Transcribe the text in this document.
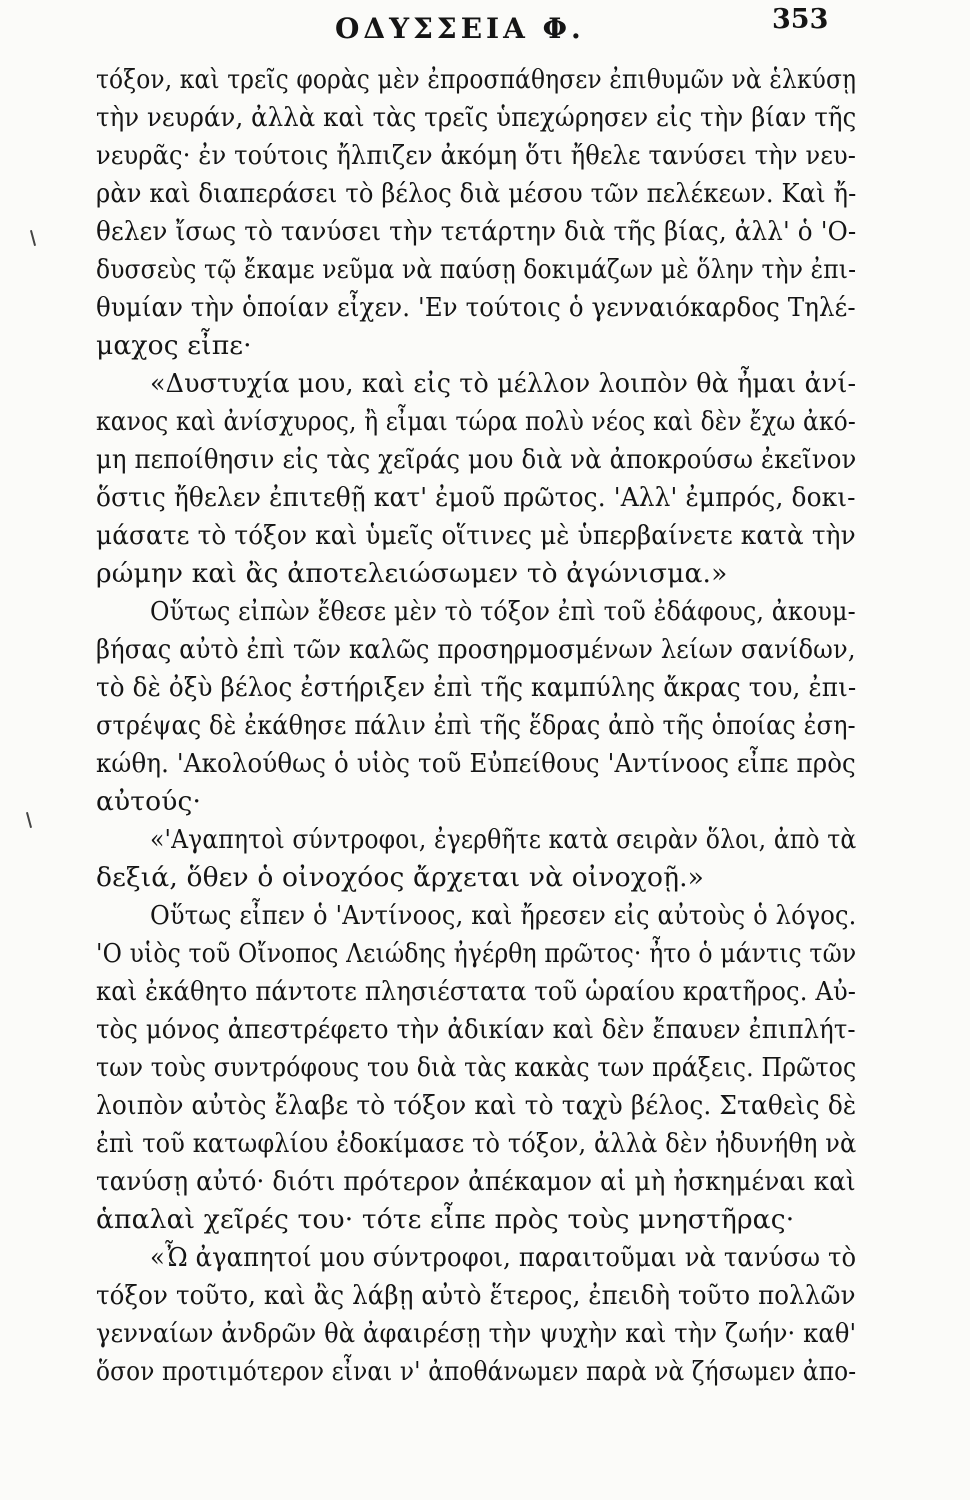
ΟΔΥΣΣΕΙΑ Φ.	353
τόξον, καὶ τρεῖς φορὰς μὲν ἐπροσπάθησεν ἐπιθυμῶν νὰ ἑλκύσῃ
τὴν νευράν, ἀλλὰ καὶ τὰς τρεῖς ὑπεχώρησεν εἰς τὴν βίαν τῆς
νευρᾶς· ἐν τούτοις ἤλπιζεν ἀκόμη ὅτι ἤθελε τανύσει τὴν νευ-
ρὰν καὶ διαπεράσει τὸ βέλος διὰ μέσου τῶν πελέκεων. Καὶ ἤ-
θελεν ἴσως τὸ τανύσει τὴν τετάρτην διὰ τῆς βίας, ἀλλ' ὁ 'Ο-
δυσσεὺς τῷ ἔκαμε νεῦμα νὰ παύσῃ δοκιμάζων μὲ ὅλην τὴν ἐπι-
θυμίαν τὴν ὁποίαν εἶχεν. 'Εν τούτοις ὁ γενναιόκαρδος Τηλέ-
μαχος εἶπε·
«Δυστυχία μου, καὶ εἰς τὸ μέλλον λοιπὸν θὰ ἦμαι ἀνί-
κανος καὶ ἀνίσχυρος, ἢ εἶμαι τώρα πολὺ νέος καὶ δὲν ἔχω ἀκό-
μη πεποίθησιν εἰς τὰς χεῖράς μου διὰ νὰ ἀποκρούσω ἐκεῖνον
ὅστις ἤθελεν ἐπιτεθῇ κατ' ἐμοῦ πρῶτος. 'Αλλ' ἐμπρός, δοκι-
μάσατε τὸ τόξον καὶ ὑμεῖς οἵτινες μὲ ὑπερβαίνετε κατὰ τὴν
ρώμην καὶ ἂς ἀποτελειώσωμεν τὸ ἀγώνισμα.»
Οὕτως εἰπὼν ἔθεσε μὲν τὸ τόξον ἐπὶ τοῦ ἐδάφους, ἀκουμ-
βήσας αὐτὸ ἐπὶ τῶν καλῶς προσηρμοσμένων λείων σανίδων,
τὸ δὲ ὀξὺ βέλος ἐστήριξεν ἐπὶ τῆς καμπύλης ἄκρας του, ἐπι-
στρέψας δὲ ἐκάθησε πάλιν ἐπὶ τῆς ἕδρας ἀπὸ τῆς ὁποίας ἐση-
κώθη. 'Ακολούθως ὁ υἱὸς τοῦ Εὐπείθους 'Αντίνοος εἶπε πρὸς
αὐτούς·
«'Αγαπητοὶ σύντροφοι, ἐγερθῆτε κατὰ σειρὰν ὅλοι, ἀπὸ τὰ
δεξιά, ὅθεν ὁ οἰνοχόος ἄρχεται νὰ οἰνοχοῇ.»
Οὕτως εἶπεν ὁ 'Αντίνοος, καὶ ἤρεσεν εἰς αὐτοὺς ὁ λόγος.
'Ο υἱὸς τοῦ Οἴνοπος Λειώδης ἠγέρθη πρῶτος· ἦτο ὁ μάντις τῶν
καὶ ἐκάθητο πάντοτε πλησιέστατα τοῦ ὡραίου κρατῆρος. Αὐ-
τὸς μόνος ἀπεστρέφετο τὴν ἀδικίαν καὶ δὲν ἔπαυεν ἐπιπλήτ-
των τοὺς συντρόφους του διὰ τὰς κακὰς των πράξεις. Πρῶτος
λοιπὸν αὐτὸς ἔλαβε τὸ τόξον καὶ τὸ ταχὺ βέλος. Σταθεὶς δὲ
ἐπὶ τοῦ κατωφλίου ἐδοκίμασε τὸ τόξον, ἀλλὰ δὲν ἠδυνήθη νὰ
τανύσῃ αὐτό· διότι πρότερον ἀπέκαμον αἱ μὴ ἠσκημέναι καὶ
ἁπαλαὶ χεῖρές του· τότε εἶπε πρὸς τοὺς μνηστῆρας·
«Ὦ ἀγαπητοί μου σύντροφοι, παραιτοῦμαι νὰ τανύσω τὸ
τόξον τοῦτο, καὶ ἂς λάβῃ αὐτὸ ἕτερος, ἐπειδὴ τοῦτο πολλῶν
γενναίων ἀνδρῶν θὰ ἀφαιρέσῃ τὴν ψυχὴν καὶ τὴν ζωήν· καθ'
ὅσον προτιμότερον εἶναι ν' ἀποθάνωμεν παρὰ νὰ ζήσωμεν ἀπο-
